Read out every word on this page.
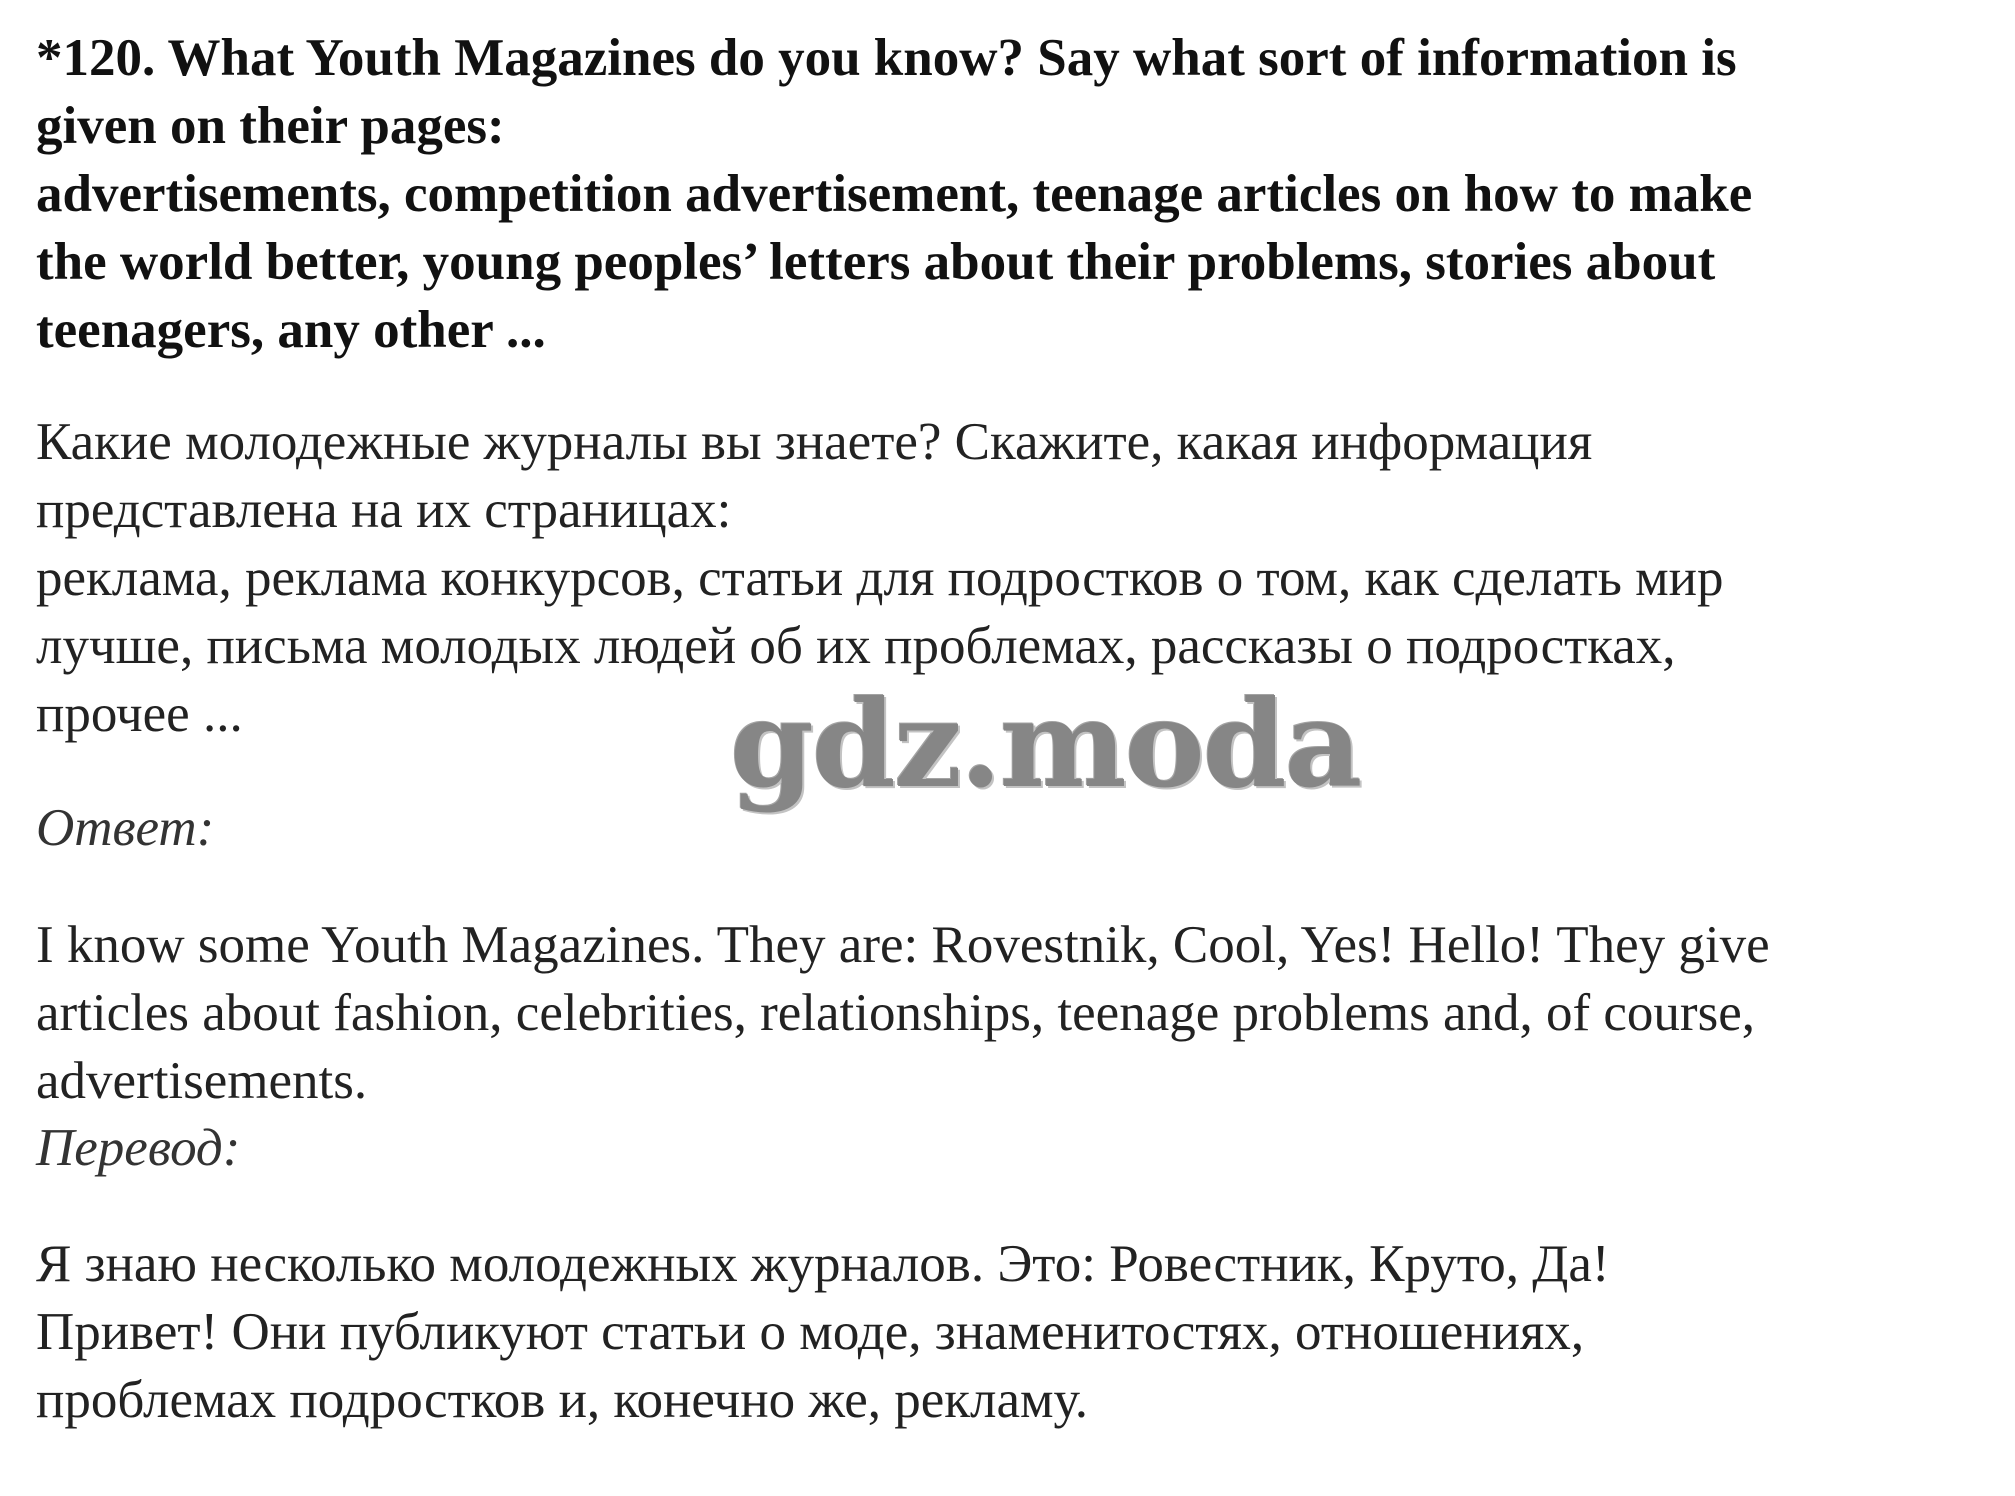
*120. What Youth Magazines do you know? Say what sort of information is
given on their pages:
advertisements, competition advertisement, teenage articles on how to make
the world better, young peoples’ letters about their problems, stories about
teenagers, any other ...
Какие молодежные журналы вы знаете? Скажите, какая информация
представлена на их страницах:
реклама, реклама конкурсов, статьи для подростков о том, как сделать мир
лучше, письма молодых людей об их проблемах, рассказы о подростках,
прочее ...	gdz.moda
Ответ:
I know some Youth Magazines. They are: Rovestnik, Cool, Yes! Hello! They give
articles about fashion, celebrities, relationships, teenage problems and, of course,
advertisements.
Перевод:
Я знаю несколько молодежных журналов. Это: Ровестник, Круто, Да!
Привет! Они публикуют статьи о моде, знаменитостях, отношениях,
проблемах подростков и, конечно же, рекламу.
